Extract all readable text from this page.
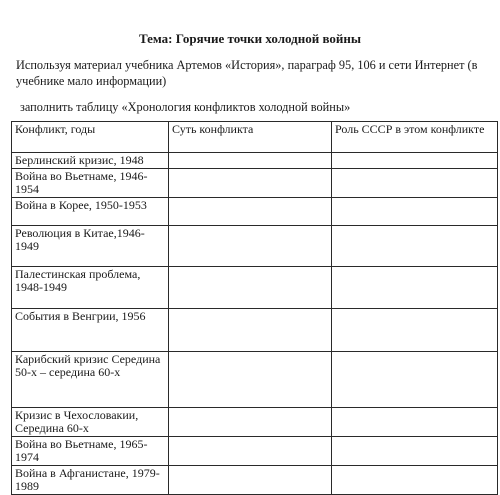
Тема: Горячие точки холодной войны
Используя материал учебника Артемов «История», параграф 95, 106 и сети Интернет (в учебнике мало информации)
заполнить таблицу «Хронология конфликтов холодной войны»
Конфликт, годы	Суть конфликта	Роль СССР в этом конфликте
Берлинский кризис, 1948		
Война во Вьетнаме, 1946-1954		
Война в Корее, 1950-1953		
Революция в Китае,1946-1949		
Палестинская проблема, 1948-1949		
События в Венгрии, 1956		
Карибский кризис Середина 50-х – середина 60-х		
Кризис в Чехословакии, Середина 60-х		
Война во Вьетнаме, 1965-1974		
Война в Афганистане, 1979-1989		
